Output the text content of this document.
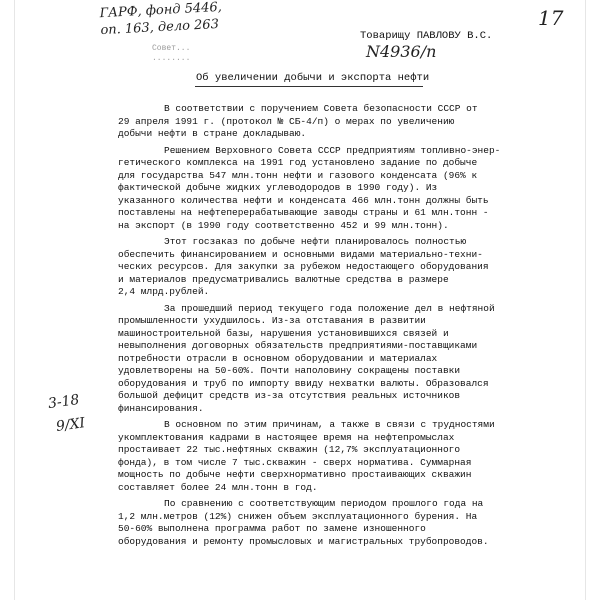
ГАРФ, фонд 5446,
оп. 163, дело 263	17
Товарищу ПАВЛОВУ В.С.
Совет...
........	N4936/п
Об увеличении добычи и экспорта нефти
3-18
9/XI

В соответствии с поручением Совета безопасности СССР от
29 апреля 1991 г. (протокол № СБ-4/п) о мерах по увеличению
добычи нефти в стране докладываю.

Решением Верховного Совета СССР предприятиям топливно-энер-
гетического комплекса на 1991 год установлено задание по добыче
для государства 547 млн.тонн нефти и газового конденсата (96% к
фактической добыче жидких углеводородов в 1990 году). Из
указанного количества нефти и конденсата 466 млн.тонн должны быть
поставлены на нефтеперерабатывающие заводы страны и 61 млн.тонн -
на экспорт (в 1990 году соответственно 452 и 99 млн.тонн).

Этот госзаказ по добыче нефти планировалось полностью
обеспечить финансированием и основными видами материально-техни-
ческих ресурсов. Для закупки за рубежом недостающего оборудования
и материалов предусматривались валютные средства в размере
2,4 млрд.рублей.

За прошедший период текущего года положение дел в нефтяной
промышленности ухудшилось. Из-за отставания в развитии
машиностроительной базы, нарушения установившихся связей и
невыполнения договорных обязательств предприятиями-поставщиками
потребности отрасли в основном оборудовании и материалах
удовлетворены на 50-60%. Почти наполовину сокращены поставки
оборудования и труб по импорту ввиду нехватки валюты. Образовался
большой дефицит средств из-за отсутствия реальных источников
финансирования.

В основном по этим причинам, а также в связи с трудностями
укомплектования кадрами в настоящее время на нефтепромыслах
простаивает 22 тыс.нефтяных скважин (12,7% эксплуатационного
фонда), в том числе 7 тыс.скважин - сверх норматива. Суммарная
мощность по добыче нефти сверхнормативно простаивающих скважин
составляет более 24 млн.тонн в год.

По сравнению с соответствующим периодом прошлого года на
1,2 млн.метров (12%) снижен объем эксплуатационного бурения. На
50-60% выполнена программа работ по замене изношенного
оборудования и ремонту промысловых и магистральных трубопроводов.
